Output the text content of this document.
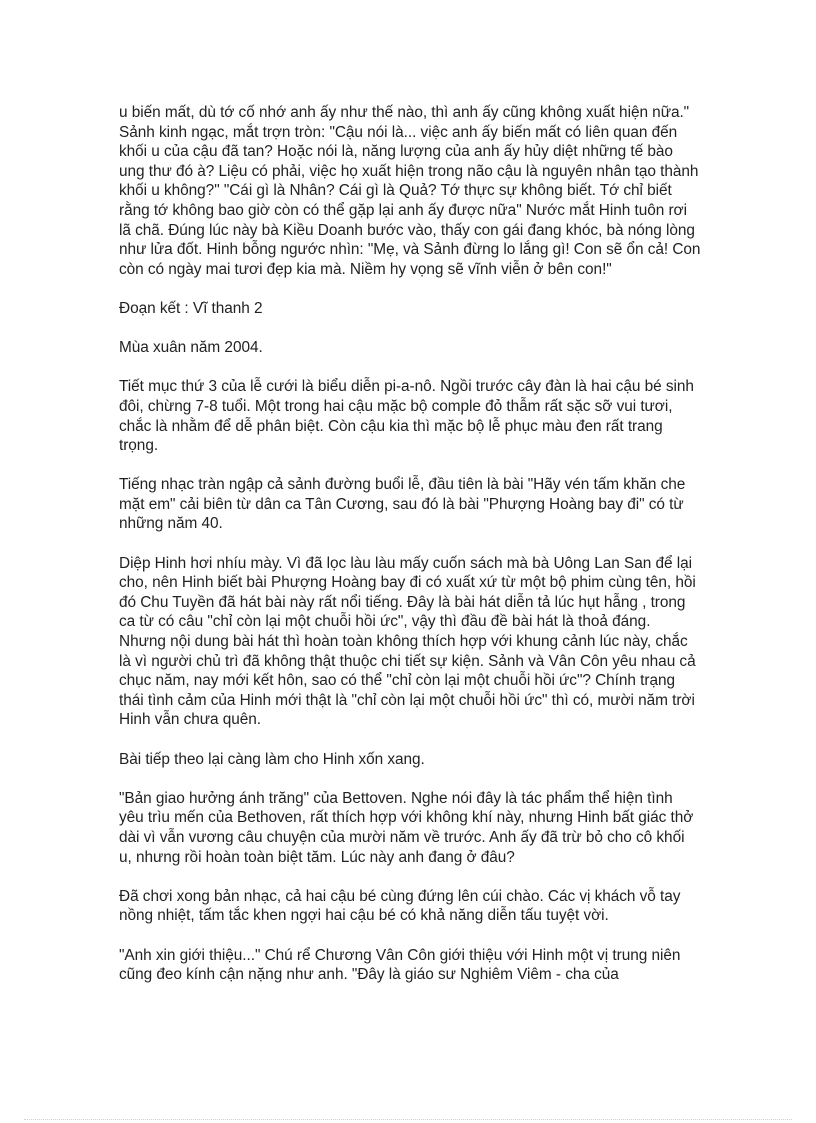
u biến mất, dù tớ cố nhớ anh ấy như thế nào, thì anh ấy cũng không xuất hiện nữa." Sảnh kinh ngạc, mắt trợn tròn: "Cậu nói là... việc anh ấy biến mất có liên quan đến khối u của cậu đã tan? Hoặc nói là, năng lượng của anh ấy hủy diệt những tế bào ung thư đó à? Liệu có phải, việc họ xuất hiện trong não cậu là nguyên nhân tạo thành khối u không?" "Cái gì là Nhân? Cái gì là Quả? Tớ thực sự không biết. Tớ chỉ biết rằng tớ không bao giờ còn có thể gặp lại anh ấy được nữa" Nước mắt Hinh tuôn rơi lã chã. Đúng lúc này bà Kiều Doanh bước vào, thấy con gái đang khóc, bà nóng lòng như lửa đốt. Hinh bỗng ngước nhìn: "Mẹ, và Sảnh đừng lo lắng gì! Con sẽ ổn cả! Con còn có ngày mai tươi đẹp kia mà. Niềm hy vọng sẽ vĩnh viễn ở bên con!"

Đoạn kết : Vĩ thanh 2

Mùa xuân năm 2004.

Tiết mục thứ 3 của lễ cưới là biểu diễn pi-a-nô. Ngồi trước cây đàn là hai cậu bé sinh đôi, chừng 7-8 tuổi. Một trong hai cậu mặc bộ comple đỏ thẫm rất sặc sỡ vui tươi, chắc là nhằm để dễ phân biệt. Còn cậu kia thì mặc bộ lễ phục màu đen rất trang trọng.

Tiếng nhạc tràn ngập cả sảnh đường buổi lễ, đầu tiên là bài "Hãy vén tấm khăn che mặt em" cải biên từ dân ca Tân Cương, sau đó là bài "Phượng Hoàng bay đi" có từ những năm 40.

Diệp Hinh hơi nhíu mày. Vì đã lọc làu làu mấy cuốn sách mà bà Uông Lan San để lại cho, nên Hinh biết bài Phượng Hoàng bay đi có xuất xứ từ một bộ phim cùng tên, hồi đó Chu Tuyền đã hát bài này rất nổi tiếng. Đây là bài hát diễn tả lúc hụt hẫng , trong ca từ có câu "chỉ còn lại một chuỗi hồi ức", vậy thì đầu đề bài hát là thoả đáng. Nhưng nội dung bài hát thì hoàn toàn không thích hợp với khung cảnh lúc này, chắc là vì người chủ trì đã không thật thuộc chi tiết sự kiện. Sảnh và Vân Côn yêu nhau cả chục năm, nay mới kết hôn, sao có thể "chỉ còn lại một chuỗi hồi ức"? Chính trạng thái tình cảm của Hinh mới thật là "chỉ còn lại một chuỗi hồi ức" thì có, mười năm trời Hinh vẫn chưa quên.

Bài tiếp theo lại càng làm cho Hinh xốn xang.

"Bản giao hưởng ánh trăng" của Bettoven. Nghe nói đây là tác phẩm thể hiện tình yêu trìu mến của Bethoven, rất thích hợp với không khí này, nhưng Hinh bất giác thở dài vì vẫn vương câu chuyện của mười năm về trước. Anh ấy đã trừ bỏ cho cô khối u, nhưng rồi hoàn toàn biệt tăm. Lúc này anh đang ở đâu?

Đã chơi xong bản nhạc, cả hai cậu bé cùng đứng lên cúi chào. Các vị khách vỗ tay nồng nhiệt, tấm tắc khen ngợi hai cậu bé có khả năng diễn tấu tuyệt vời.

"Anh xin giới thiệu..." Chú rể Chương Vân Côn giới thiệu với Hinh một vị trung niên cũng đeo kính cận nặng như anh. "Đây là giáo sư Nghiêm Viêm - cha của
